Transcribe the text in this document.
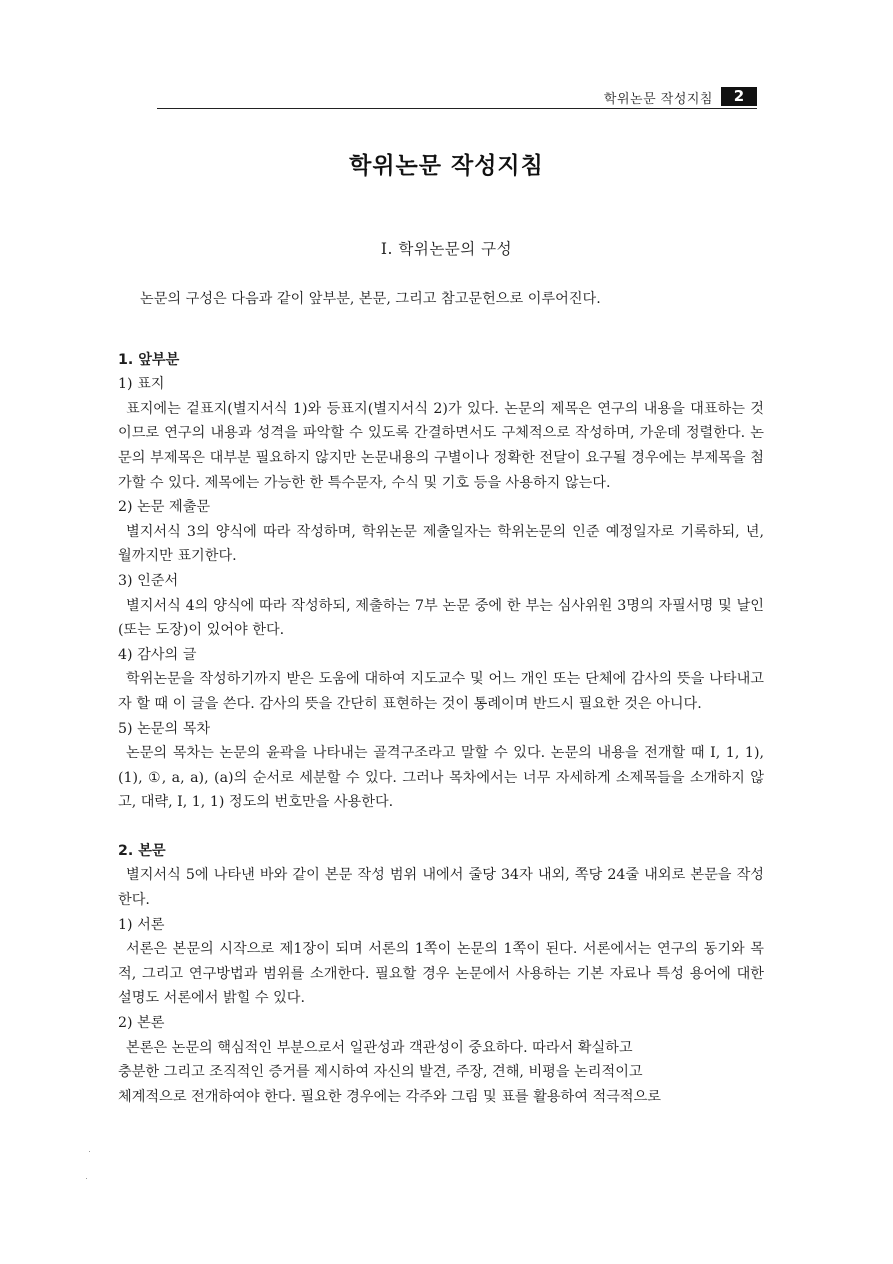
학위논문 작성지침	2
학위논문 작성지침
I. 학위논문의 구성

논문의 구성은 다음과 같이 앞부분, 본문, 그리고 참고문헌으로 이루어진다.

1. 앞부분

1) 표지

표지에는 겉표지(별지서식 1)와 등표지(별지서식 2)가 있다. 논문의 제목은 연구의 내용을 대표하는 것이므로 연구의 내용과 성격을 파악할 수 있도록 간결하면서도 구체적으로 작성하며, 가운데 정렬한다. 논문의 부제목은 대부분 필요하지 않지만 논문내용의 구별이나 정확한 전달이 요구될 경우에는 부제목을 첨가할 수 있다. 제목에는 가능한 한 특수문자, 수식 및 기호 등을 사용하지 않는다.

2) 논문 제출문

별지서식 3의 양식에 따라 작성하며, 학위논문 제출일자는 학위논문의 인준 예정일자로 기록하되, 년, 월까지만 표기한다.

3) 인준서

별지서식 4의 양식에 따라 작성하되, 제출하는 7부 논문 중에 한 부는 심사위원 3명의 자필서명 및 날인(또는 도장)이 있어야 한다.

4) 감사의 글

학위논문을 작성하기까지 받은 도움에 대하여 지도교수 및 어느 개인 또는 단체에 감사의 뜻을 나타내고자 할 때 이 글을 쓴다. 감사의 뜻을 간단히 표현하는 것이 통례이며 반드시 필요한 것은 아니다.

5) 논문의 목차

논문의 목차는 논문의 윤곽을 나타내는 골격구조라고 말할 수 있다. 논문의 내용을 전개할 때 I, 1, 1), (1), ①, a, a), (a)의 순서로 세분할 수 있다. 그러나 목차에서는 너무 자세하게 소제목들을 소개하지 않고, 대략, I, 1, 1) 정도의 번호만을 사용한다.

2. 본문

별지서식 5에 나타낸 바와 같이 본문 작성 범위 내에서 줄당 34자 내외, 쪽당 24줄 내외로 본문을 작성한다.

1) 서론

서론은 본문의 시작으로 제1장이 되며 서론의 1쪽이 논문의 1쪽이 된다. 서론에서는 연구의 동기와 목적, 그리고 연구방법과 범위를 소개한다. 필요할 경우 논문에서 사용하는 기본 자료나 특성 용어에 대한 설명도 서론에서 밝힐 수 있다.

2) 본론

본론은 논문의 핵심적인 부분으로서 일관성과 객관성이 중요하다. 따라서 확실하고

충분한 그리고 조직적인 증거를 제시하여 자신의 발견, 주장, 견해, 비평을 논리적이고

체계적으로 전개하여야 한다. 필요한 경우에는 각주와 그림 및 표를 활용하여 적극적으로
